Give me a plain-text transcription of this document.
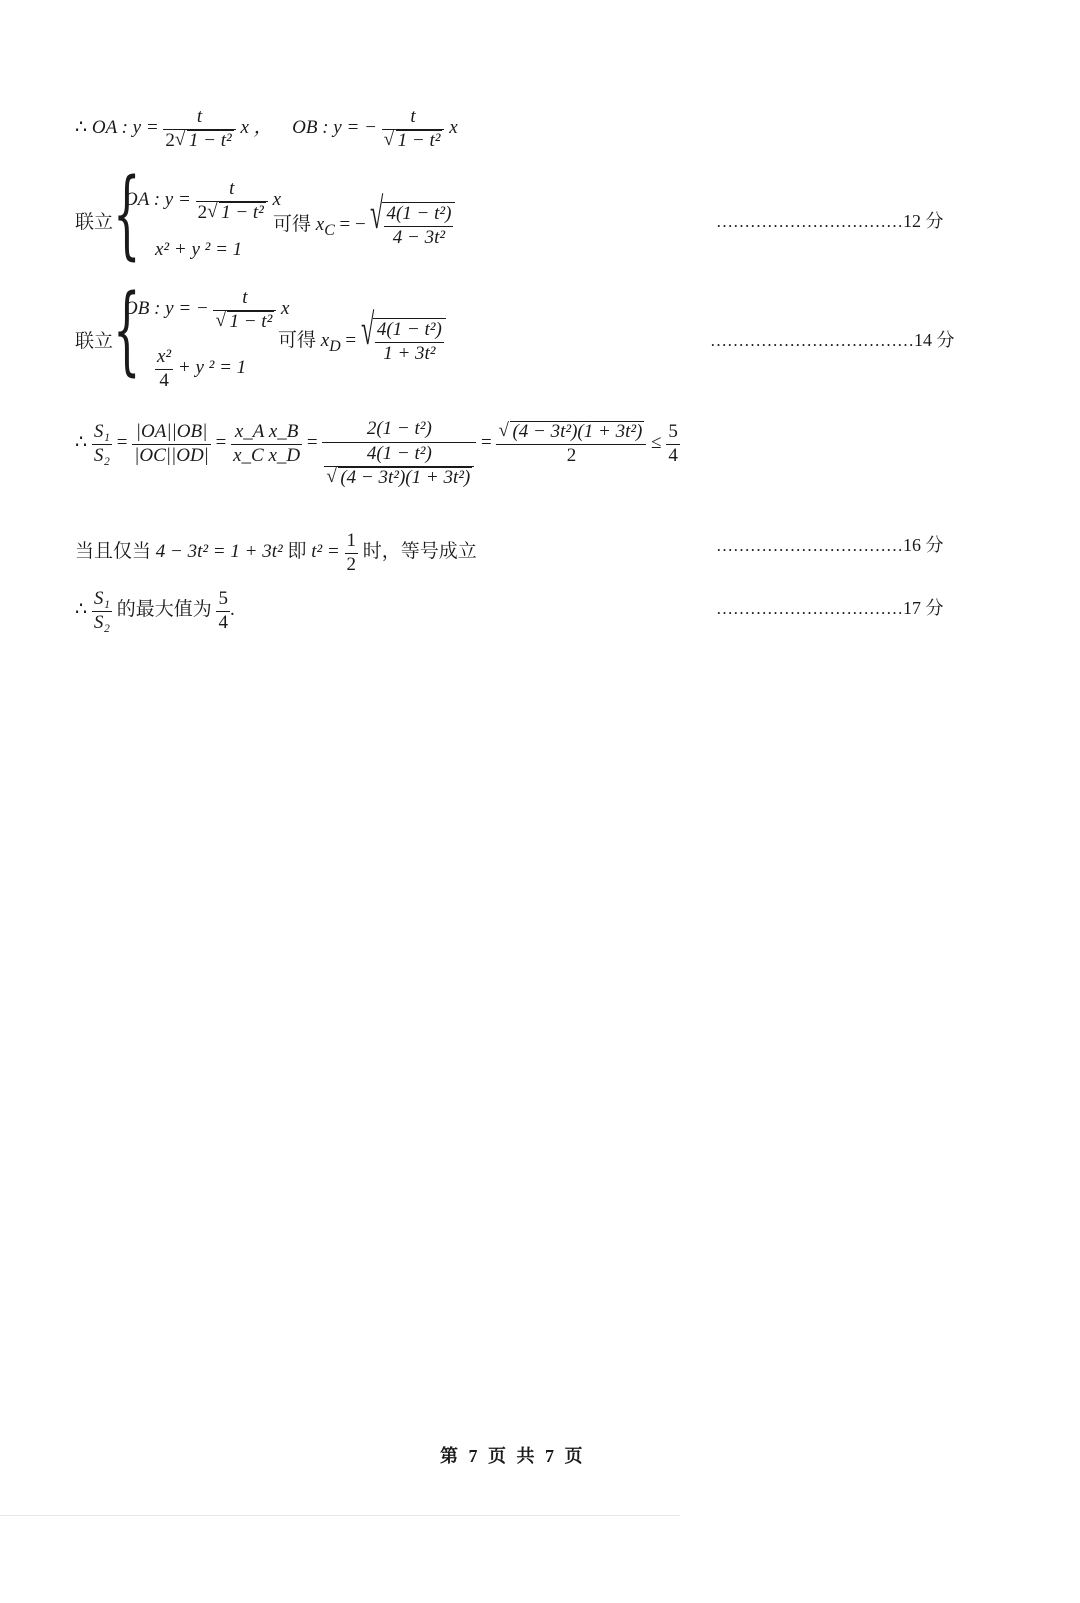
∴ OA : $y = \frac{t}{\text{2 √ 1 − t²}}$ x ， OB : y = − t
√ 1 − t² x
联立 {
OA : $y = \frac{t}{\text{2 √ 1 − t²}}$ x
x² + y ² = 1
可得 $x_C$ = − √ $\frac{\text{4(1 − t²)}}{\text{4 − 3t²}}$	……………………………12 分
联立 {
OB : y = − t
√ 1 − t² x
$\frac{\text{x²}}{4} + y$ ² = 1
可得 $x_D$ = √ $\frac{\text{4(1 − t²)}}{\text{1 + 3t²}}$	………………………………14 分
∴ $\frac{\text{S₁}}{\text{S₂}} = \frac{|OA||OB|}{|OC||OD|} = \frac{\text{x\_A x\_B}}{\text{x\_C x\_D}} = 2(1 - t^2)$
4(1 − t²)
√ (4 − 3t²)(1 + 3t²) = √ $\frac{\text{(4 − 3t²)(1 + 3t²)}}{2} \le \frac{5}{4}$
当且仅当 4 − 3t² = 1 + 3t² 即 $t^2 = \frac{1}{2}$ 时，等号成立	……………………………16 分
∴ $\frac{\text{S₁}}{\text{S₂}}$ 的最大值为 $\frac{5}{4}$ .	……………………………17 分
第 7 页 共 7 页
